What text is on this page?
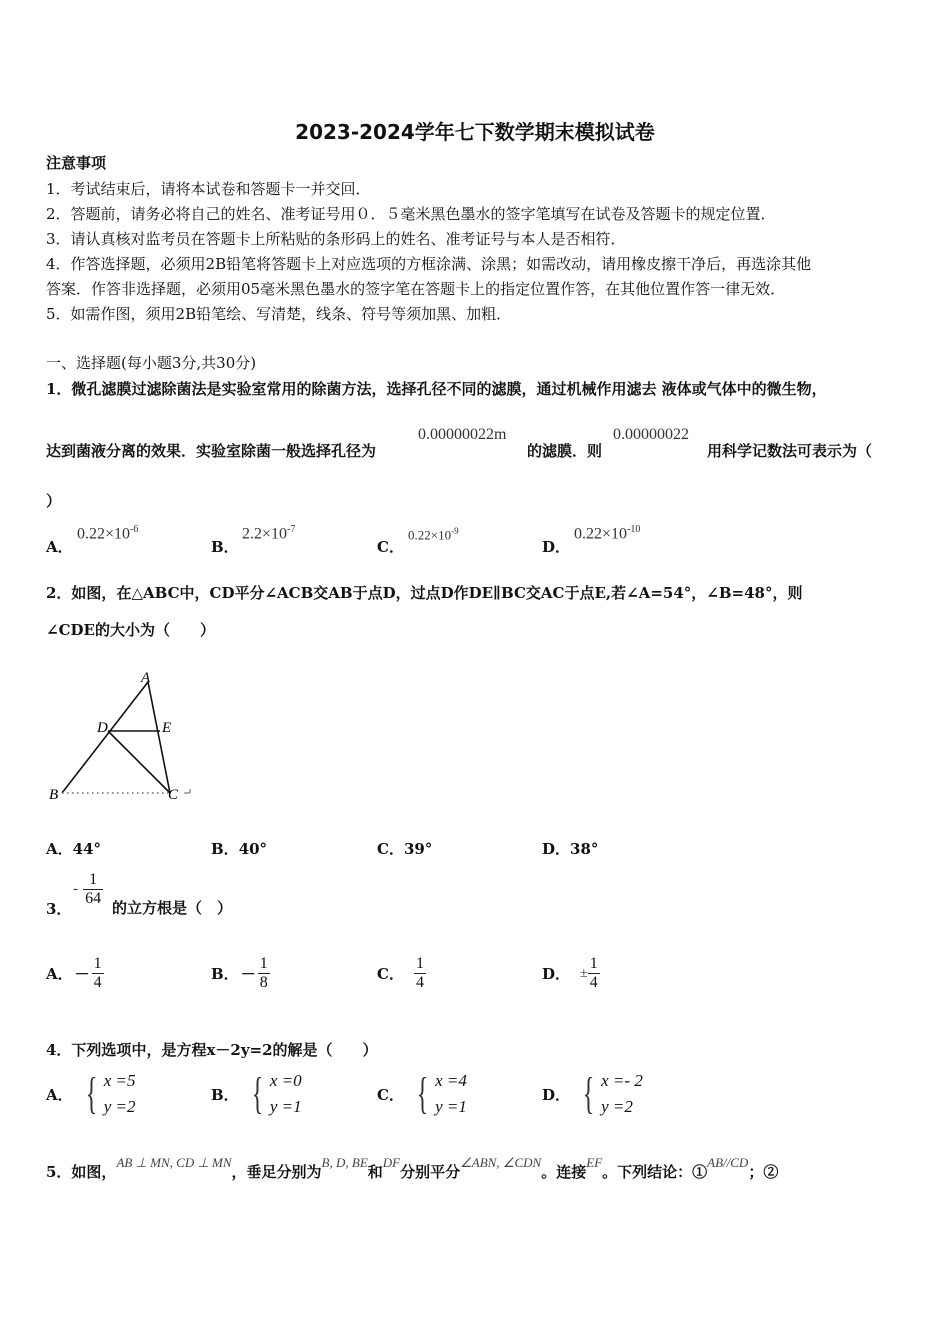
2023-2024学年七下数学期末模拟试卷
注意事项
1．考试结束后，请将本试卷和答题卡一并交回．
2．答题前，请务必将自己的姓名、准考证号用０．５毫米黑色墨水的签字笔填写在试卷及答题卡的规定位置．
3．请认真核对监考员在答题卡上所粘贴的条形码上的姓名、准考证号与本人是否相符．
4．作答选择题，必须用2B铅笔将答题卡上对应选项的方框涂满、涂黑；如需改动，请用橡皮擦干净后，再选涂其他
答案．作答非选择题，必须用05毫米黑色墨水的签字笔在答题卡上的指定位置作答，在其他位置作答一律无效．
5．如需作图，须用2B铅笔绘、写清楚，线条、符号等须加黑、加粗．
一、选择题(每小题3分,共30分)
1．微孔滤膜过滤除菌法是实验室常用的除菌方法，选择孔径不同的滤膜，通过机械作用滤去 液体或气体中的微生物，
达到菌液分离的效果．实验室除菌一般选择孔径为
0.00000022m
的滤膜．则
0.00000022
用科学记数法可表示为（
）
A．
$0.22\times 10^{-6}$
B．
$2.2\times 10^{-7}$
C．
$0.22\times 10^{-9}$
D．
$0.22\times 10^{-10}$
2．如图，在△ABC中，CD平分∠ACB交AB于点D，过点D作DE∥BC交AC于点E,若∠A=54°，∠B=48°，则
∠CDE的大小为（　　）
A
D	E
B	C
A．44°	B．40°	C．39°	D．38°
3．
- $\frac{1}{64}$ 的立方根是（　）
A． － $\frac{1}{4}$	B． － $\frac{1}{8}$	C． $\frac{1}{4}$	D． ± $\frac{1}{4}$
4．下列选项中，是方程x－2y=2的解是（　　）
A． { x =5
y =2
B． { x =0
y =1
C． { x =4
y =1
D． { x =- 2
y =2
5．如图，
AB ⊥ MN, CD ⊥ MN
，垂足分别为
B, D, BE
和
DF
分别平分
∠ABN, ∠CDN
。连接
EF
。下列结论：①
AB//CD
；②
